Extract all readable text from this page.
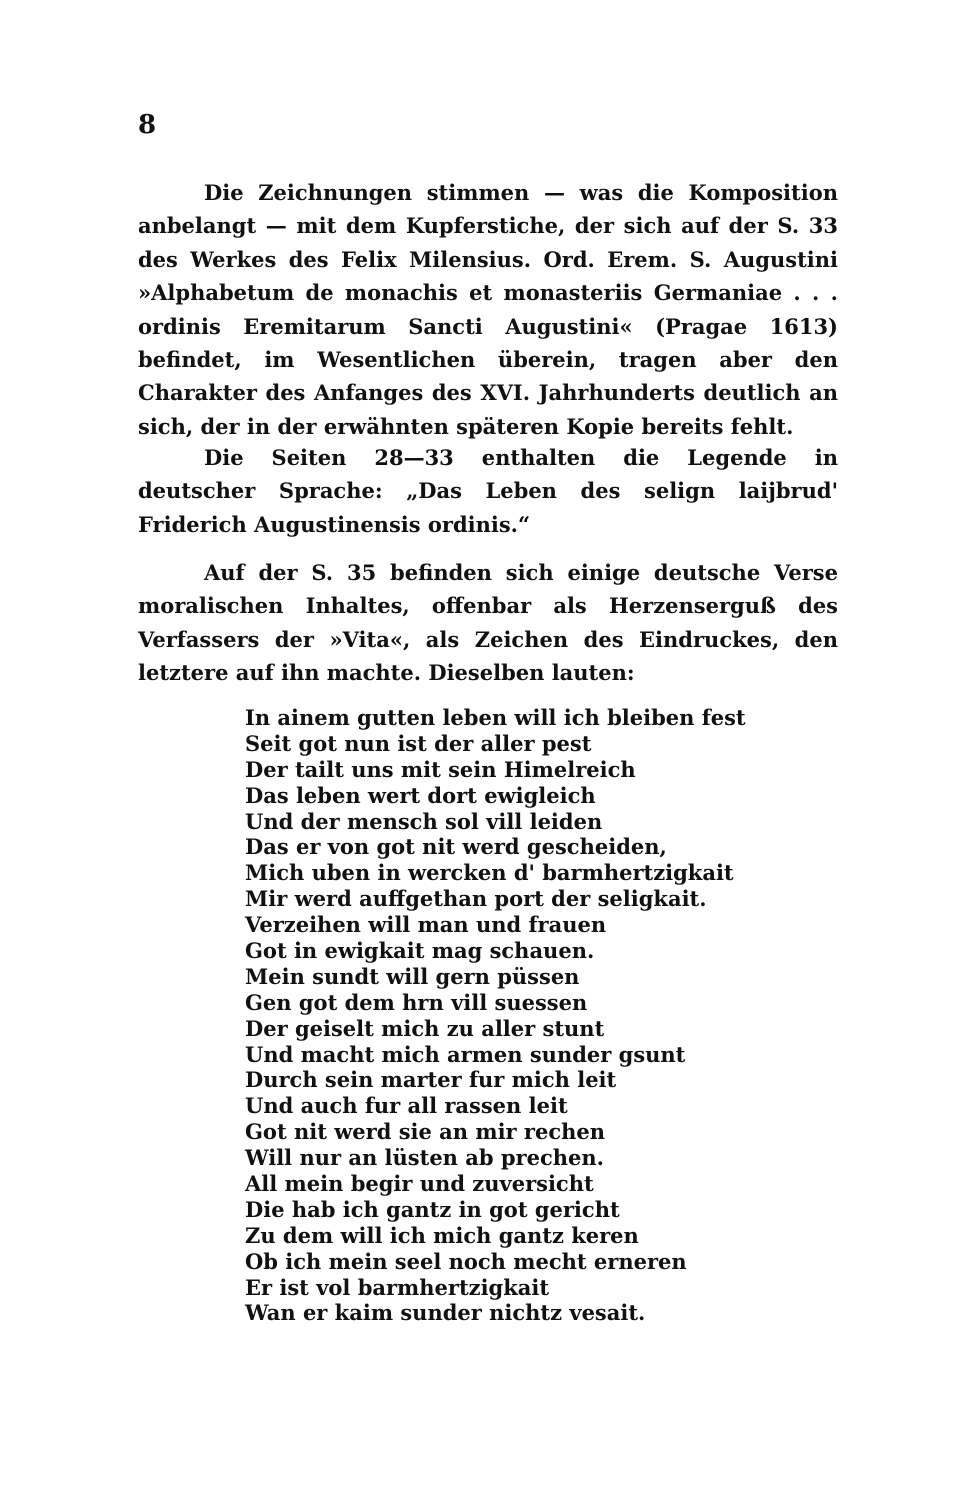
8

Die Zeichnungen stimmen — was die Komposition anbelangt — mit dem Kupferstiche, der sich auf der S. 33 des Werkes des Felix Milensius. Ord. Erem. S. Augustini »Alphabetum de monachis et monasteriis Germaniae . . . ordinis Eremitarum Sancti Augustini« (Pragae 1613) befindet, im Wesentlichen überein, tragen aber den Charakter des Anfanges des XVI. Jahrhunderts deutlich an sich, der in der erwähnten späteren Kopie bereits fehlt.

Die Seiten 28—33 enthalten die Legende in deutscher Sprache: „Das Leben des selign laijbrud' Friderich Augustinensis ordinis.“

Auf der S. 35 befinden sich einige deutsche Verse moralischen Inhaltes, offenbar als Herzenserguß des Verfassers der »Vita«, als Zeichen des Eindruckes, den letztere auf ihn machte. Dieselben lauten:

In ainem gutten leben will ich bleiben fest
Seit got nun ist der aller pest
Der tailt uns mit sein Himelreich
Das leben wert dort ewigleich
Und der mensch sol vill leiden
Das er von got nit werd gescheiden,
Mich uben in wercken d' barmhertzigkait
Mir werd auffgethan port der seligkait.
Verzeihen will man und frauen
Got in ewigkait mag schauen.
Mein sundt will gern püssen
Gen got dem hrn vill suessen
Der geiselt mich zu aller stunt
Und macht mich armen sunder gsunt
Durch sein marter fur mich leit
Und auch fur all rassen leit
Got nit werd sie an mir rechen
Will nur an lüsten ab prechen.
All mein begir und zuversicht
Die hab ich gantz in got gericht
Zu dem will ich mich gantz keren
Ob ich mein seel noch mecht erneren
Er ist vol barmhertzigkait
Wan er kaim sunder nichtz vesait.
